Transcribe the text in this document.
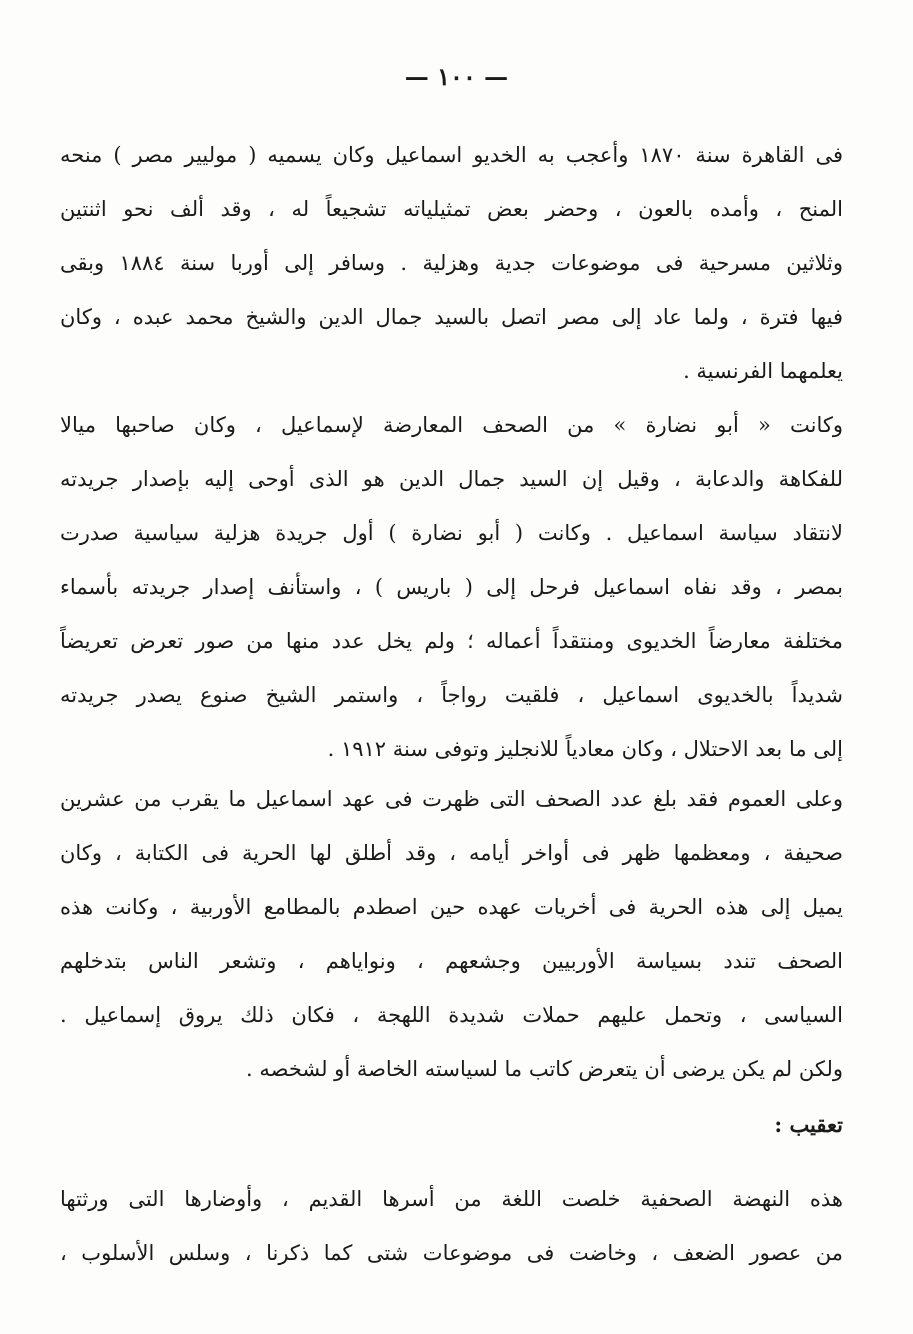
— ١٠٠ —
فى القاهرة سنة ١٨٧٠ وأعجب به الخديو اسماعيل وكان يسميه ( موليير مصر ) منحه
المنح ، وأمده بالعون ، وحضر بعض تمثيلياته تشجيعاً له ، وقد ألف نحو اثنتين
وثلاثين مسرحية فى موضوعات جدية وهزلية . وسافر إلى أوربا سنة ١٨٨٤ وبقى
فيها فترة ، ولما عاد إلى مصر اتصل بالسيد جمال الدين والشيخ محمد عبده ، وكان
يعلمهما الفرنسية .
وكانت « أبو نضارة » من الصحف المعارضة لإسماعيل ، وكان صاحبها ميالا
للفكاهة والدعابة ، وقيل إن السيد جمال الدين هو الذى أوحى إليه بإصدار جريدته
لانتقاد سياسة اسماعيل . وكانت ( أبو نضارة ) أول جريدة هزلية سياسية صدرت
بمصر ، وقد نفاه اسماعيل فرحل إلى ( باريس ) ، واستأنف إصدار جريدته بأسماء
مختلفة معارضاً الخديوى ومنتقداً أعماله ؛ ولم يخل عدد منها من صور تعرض تعريضاً
شديداً بالخديوى اسماعيل ، فلقيت رواجاً ، واستمر الشيخ صنوع يصدر جريدته
إلى ما بعد الاحتلال ، وكان معادياً للانجليز وتوفى سنة ١٩١٢ .
وعلى العموم فقد بلغ عدد الصحف التى ظهرت فى عهد اسماعيل ما يقرب من عشرين
صحيفة ، ومعظمها ظهر فى أواخر أيامه ، وقد أطلق لها الحرية فى الكتابة ، وكان
يميل إلى هذه الحرية فى أخريات عهده حين اصطدم بالمطامع الأوربية ، وكانت هذه
الصحف تندد بسياسة الأوربيين وجشعهم ، ونواياهم ، وتشعر الناس بتدخلهم
السياسى ، وتحمل عليهم حملات شديدة اللهجة ، فكان ذلك يروق إسماعيل .
ولكن لم يكن يرضى أن يتعرض كاتب ما لسياسته الخاصة أو لشخصه .
تعقيب :
هذه النهضة الصحفية خلصت اللغة من أسرها القديم ، وأوضارها التى ورثتها
من عصور الضعف ، وخاضت فى موضوعات شتى كما ذكرنا ، وسلس الأسلوب ،
